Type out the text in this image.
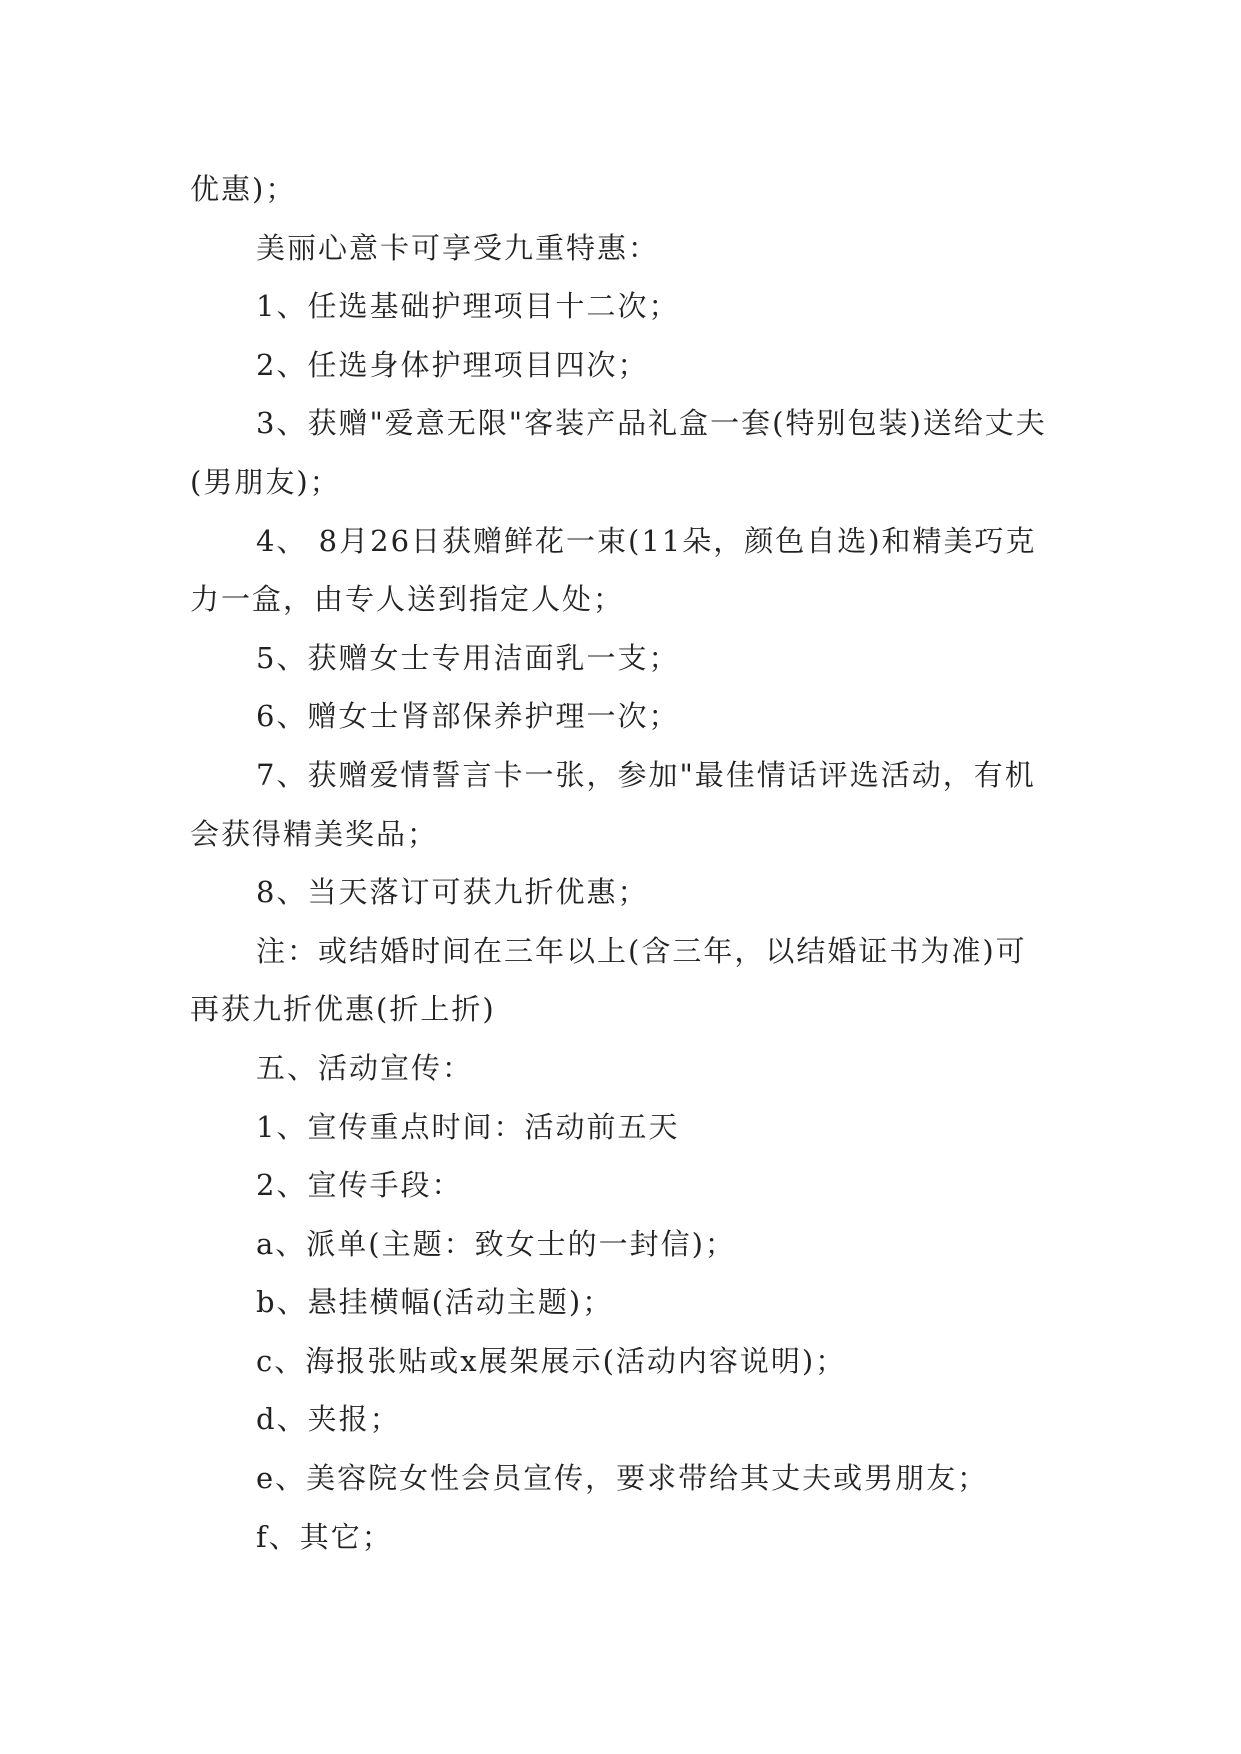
优惠)；

美丽心意卡可享受九重特惠：

1、任选基础护理项目十二次；

2、任选身体护理项目四次；

3、获赠"爱意无限"客装产品礼盒一套(特别包装)送给丈夫(男朋友)；

4、 8月26日获赠鲜花一束(11朵，颜色自选)和精美巧克力一盒，由专人送到指定人处；

5、获赠女士专用洁面乳一支；

6、赠女士肾部保养护理一次；

7、获赠爱情誓言卡一张，参加"最佳情话评选活动，有机会获得精美奖品；

8、当天落订可获九折优惠；

注：或结婚时间在三年以上(含三年，以结婚证书为准)可再获九折优惠(折上折)

五、活动宣传：

1、宣传重点时间：活动前五天

2、宣传手段：

a、派单(主题：致女士的一封信)；

b、悬挂横幅(活动主题)；

c、海报张贴或x展架展示(活动内容说明)；

d、夹报；

e、美容院女性会员宣传，要求带给其丈夫或男朋友；

f、其它；
